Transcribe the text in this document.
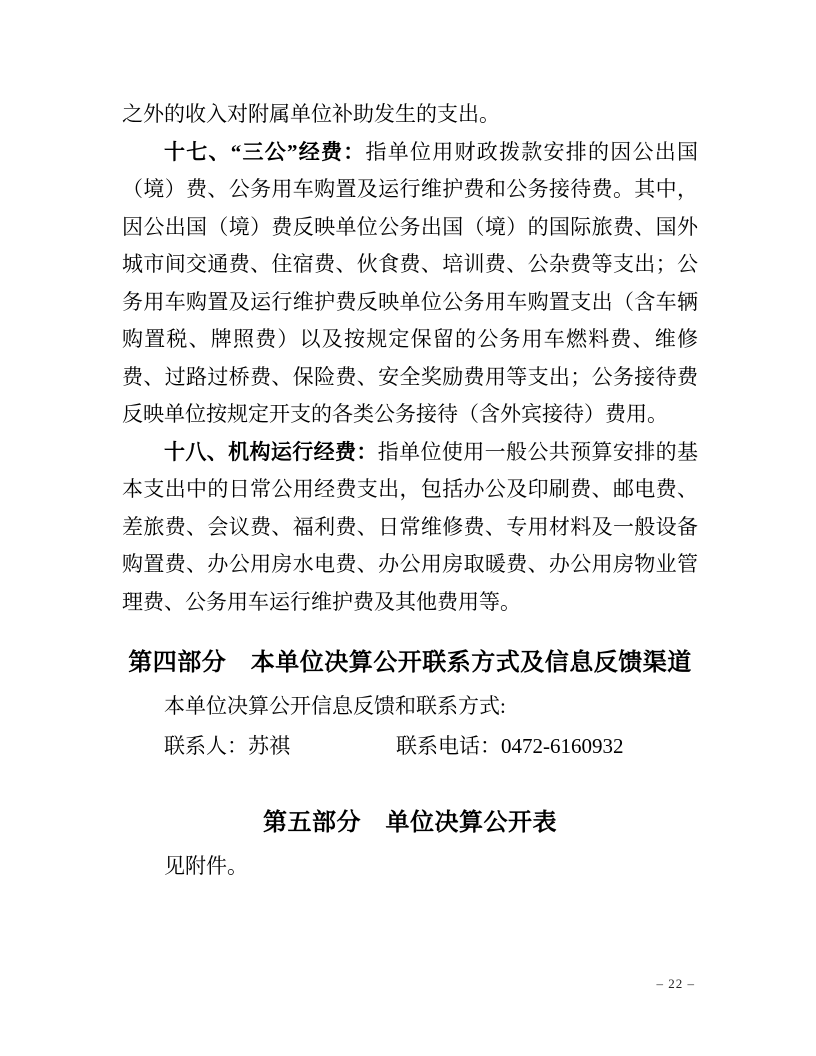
之外的收入对附属单位补助发生的支出。

十七、“三公”经费：指单位用财政拨款安排的因公出国（境）费、公务用车购置及运行维护费和公务接待费。其中，因公出国（境）费反映单位公务出国（境）的国际旅费、国外城市间交通费、住宿费、伙食费、培训费、公杂费等支出；公务用车购置及运行维护费反映单位公务用车购置支出（含车辆购置税、牌照费）以及按规定保留的公务用车燃料费、维修费、过路过桥费、保险费、安全奖励费用等支出；公务接待费反映单位按规定开支的各类公务接待（含外宾接待）费用。

十八、机构运行经费：指单位使用一般公共预算安排的基本支出中的日常公用经费支出，包括办公及印刷费、邮电费、差旅费、会议费、福利费、日常维修费、专用材料及一般设备购置费、办公用房水电费、办公用房取暖费、办公用房物业管理费、公务用车运行维护费及其他费用等。

第四部分　本单位决算公开联系方式及信息反馈渠道

本单位决算公开信息反馈和联系方式:

联系人：苏祺	联系电话：0472-6160932

第五部分　单位决算公开表

见附件。

– 22 –
